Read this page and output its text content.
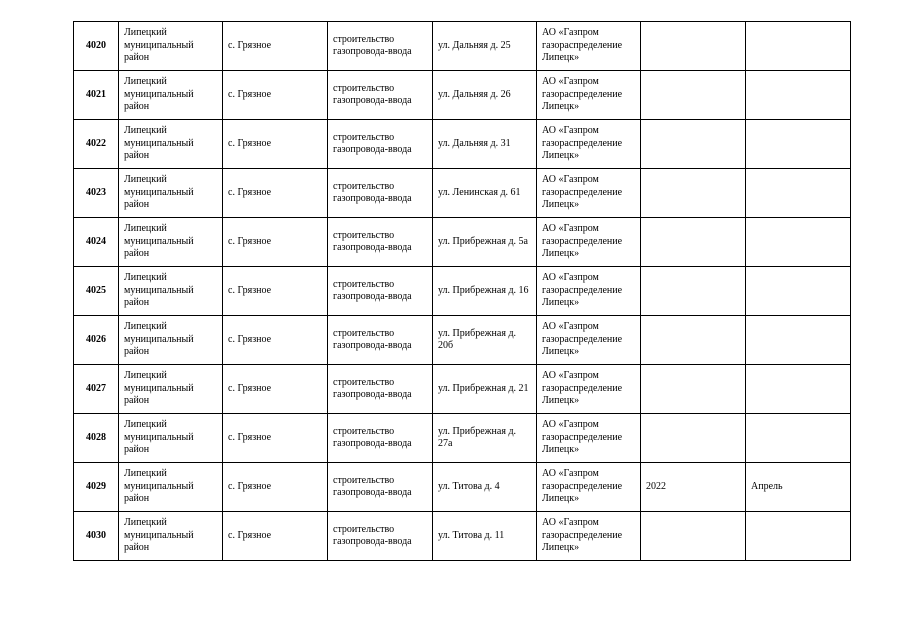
4020	Липецкий муниципальный район	с. Грязное	строительство газопровода-ввода	ул. Дальняя д. 25	АО «Газпром газораспределение Липецк»		
4021	Липецкий муниципальный район	с. Грязное	строительство газопровода-ввода	ул. Дальняя д. 26	АО «Газпром газораспределение Липецк»		
4022	Липецкий муниципальный район	с. Грязное	строительство газопровода-ввода	ул. Дальняя д. 31	АО «Газпром газораспределение Липецк»		
4023	Липецкий муниципальный район	с. Грязное	строительство газопровода-ввода	ул. Ленинская д. 61	АО «Газпром газораспределение Липецк»		
4024	Липецкий муниципальный район	с. Грязное	строительство газопровода-ввода	ул. Прибрежная д. 5а	АО «Газпром газораспределение Липецк»		
4025	Липецкий муниципальный район	с. Грязное	строительство газопровода-ввода	ул. Прибрежная д. 16	АО «Газпром газораспределение Липецк»		
4026	Липецкий муниципальный район	с. Грязное	строительство газопровода-ввода	ул. Прибрежная д. 20б	АО «Газпром газораспределение Липецк»		
4027	Липецкий муниципальный район	с. Грязное	строительство газопровода-ввода	ул. Прибрежная д. 21	АО «Газпром газораспределение Липецк»		
4028	Липецкий муниципальный район	с. Грязное	строительство газопровода-ввода	ул. Прибрежная д. 27а	АО «Газпром газораспределение Липецк»		
4029	Липецкий муниципальный район	с. Грязное	строительство газопровода-ввода	ул. Титова д. 4	АО «Газпром газораспределение Липецк»	2022	Апрель
4030	Липецкий муниципальный район	с. Грязное	строительство газопровода-ввода	ул. Титова д. 11	АО «Газпром газораспределение Липецк»		
